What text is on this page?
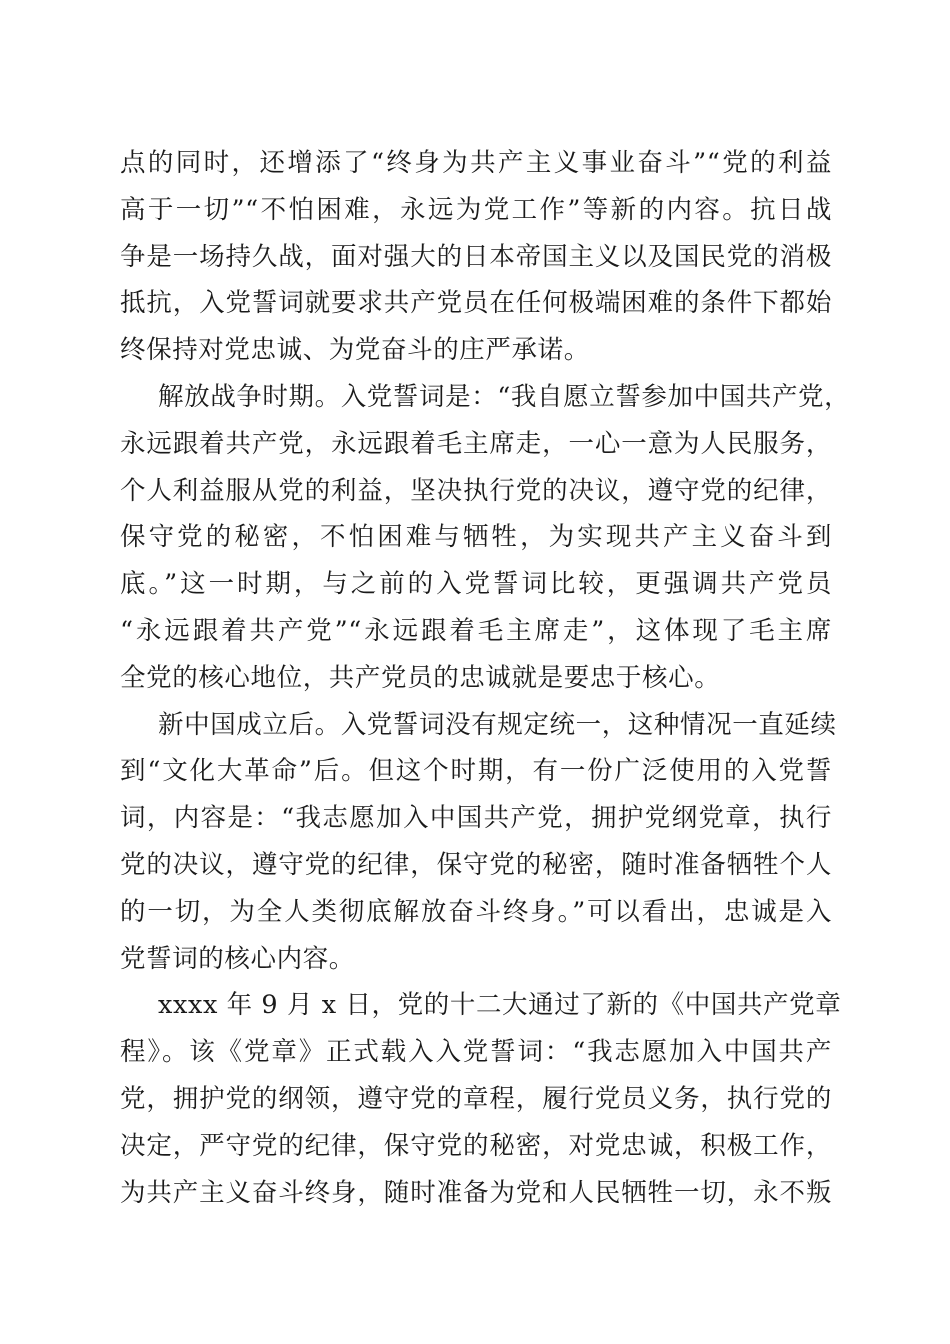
点的同时，还增添了“终身为共产主义事业奋斗”“党的利益
高于一切”“不怕困难，永远为党工作”等新的内容。抗日战
争是一场持久战，面对强大的日本帝国主义以及国民党的消极
抵抗，入党誓词就要求共产党员在任何极端困难的条件下都始
终保持对党忠诚、为党奋斗的庄严承诺。
解放战争时期。入党誓词是：“我自愿立誓参加中国共产党，
永远跟着共产党，永远跟着毛主席走，一心一意为人民服务，
个人利益服从党的利益，坚决执行党的决议，遵守党的纪律，
保守党的秘密，不怕困难与牺牲，为实现共产主义奋斗到
底。”这一时期，与之前的入党誓词比较，更强调共产党员
“永远跟着共产党”“永远跟着毛主席走”，这体现了毛主席
全党的核心地位，共产党员的忠诚就是要忠于核心。
新中国成立后。入党誓词没有规定统一，这种情况一直延续
到“文化大革命”后。但这个时期，有一份广泛使用的入党誓
词，内容是：“我志愿加入中国共产党，拥护党纲党章，执行
党的决议，遵守党的纪律，保守党的秘密，随时准备牺牲个人
的一切，为全人类彻底解放奋斗终身。”可以看出，忠诚是入
党誓词的核心内容。
xxxx 年 9 月 x 日，党的十二大通过了新的《中国共产党章
程》。该《党章》正式载入入党誓词：“我志愿加入中国共产
党，拥护党的纲领，遵守党的章程，履行党员义务，执行党的
决定，严守党的纪律，保守党的秘密，对党忠诚，积极工作，
为共产主义奋斗终身，随时准备为党和人民牺牲一切，永不叛
